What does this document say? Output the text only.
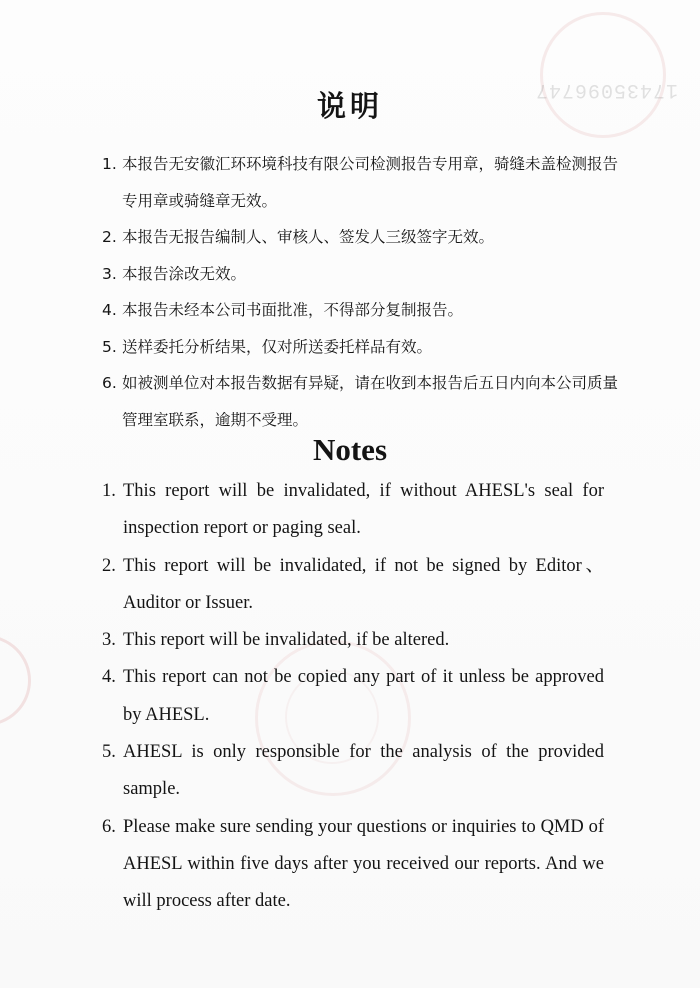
17435096747
说明
1. 本报告无安徽汇环环境科技有限公司检测报告专用章，骑缝未盖检测报告专用章或骑缝章无效。
2. 本报告无报告编制人、审核人、签发人三级签字无效。
3. 本报告涂改无效。
4. 本报告未经本公司书面批准，不得部分复制报告。
5. 送样委托分析结果，仅对所送委托样品有效。
6. 如被测单位对本报告数据有异疑，请在收到本报告后五日内向本公司质量管理室联系，逾期不受理。
Notes
1. This report will be invalidated, if without AHESL's seal for inspection report or paging seal.
2. This report will be invalidated, if not be signed by Editor、Auditor or Issuer.
3. This report will be invalidated, if be altered.
4. This report can not be copied any part of it unless be approved by AHESL.
5. AHESL is only responsible for the analysis of the provided sample.
6. Please make sure sending your questions or inquiries to QMD of AHESL within five days after you received our reports. And we will process after date.
